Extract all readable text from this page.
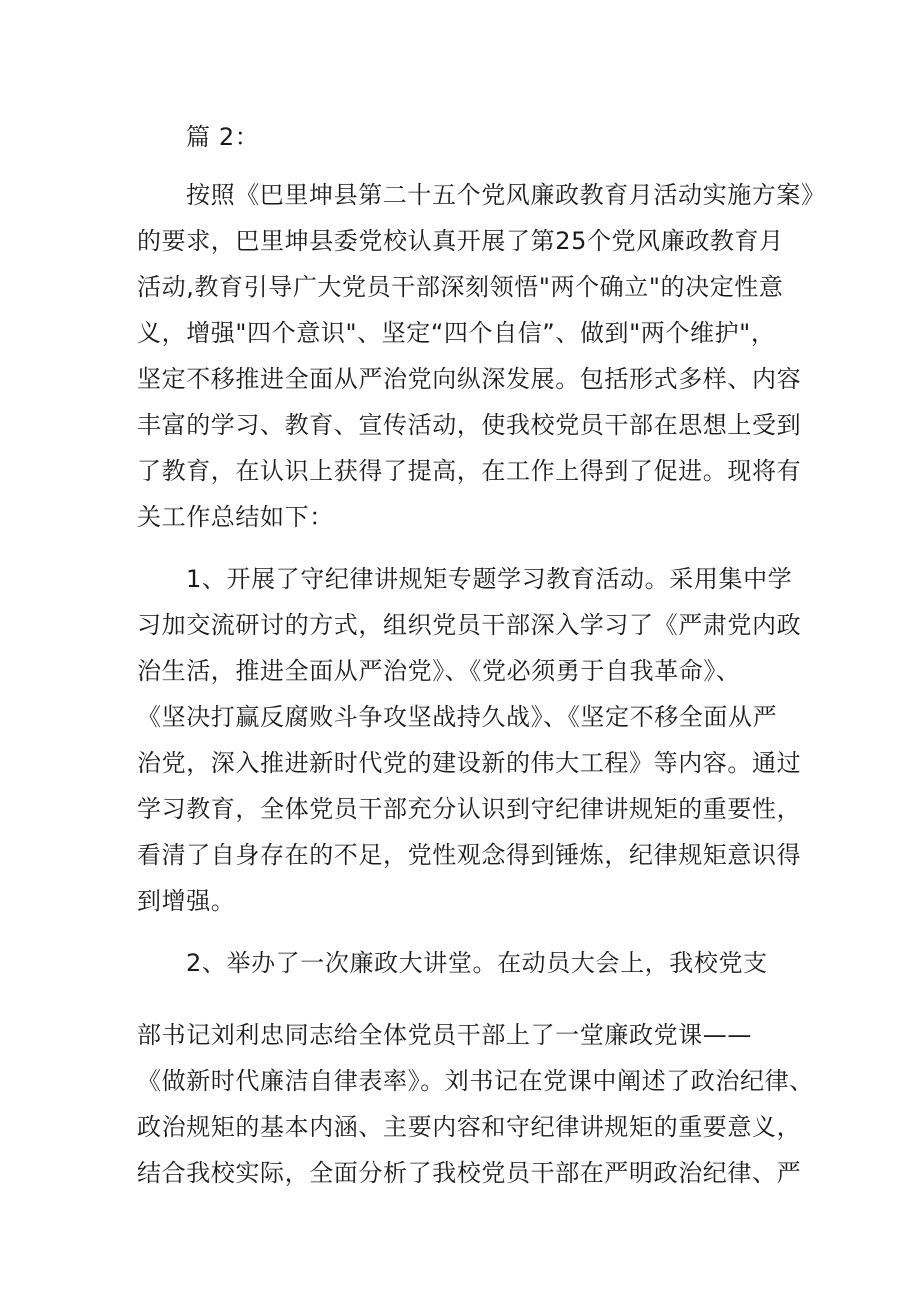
篇 2：
按照《巴里坤县第二十五个党风廉政教育月活动实施方案》
的要求，巴里坤县委党校认真开展了第25个党风廉政教育月
活动,教育引导广大党员干部深刻领悟"两个确立"的决定性意
义，增强"四个意识"、坚定“四个自信”、做到"两个维护"，
坚定不移推进全面从严治党向纵深发展。包括形式多样、内容
丰富的学习、教育、宣传活动，使我校党员干部在思想上受到
了教育，在认识上获得了提高，在工作上得到了促进。现将有
关工作总结如下：
1、开展了守纪律讲规矩专题学习教育活动。采用集中学
习加交流研讨的方式，组织党员干部深入学习了《严肃党内政
治生活，推进全面从严治党》、《党必须勇于自我革命》、
《坚决打赢反腐败斗争攻坚战持久战》、《坚定不移全面从严
治党，深入推进新时代党的建设新的伟大工程》等内容。通过
学习教育，全体党员干部充分认识到守纪律讲规矩的重要性，
看清了自身存在的不足，党性观念得到锤炼，纪律规矩意识得
到增强。
2、举办了一次廉政大讲堂。在动员大会上，我校党支
部书记刘利忠同志给全体党员干部上了一堂廉政党课——
《做新时代廉洁自律表率》。刘书记在党课中阐述了政治纪律、
政治规矩的基本内涵、主要内容和守纪律讲规矩的重要意义，
结合我校实际，全面分析了我校党员干部在严明政治纪律、严
